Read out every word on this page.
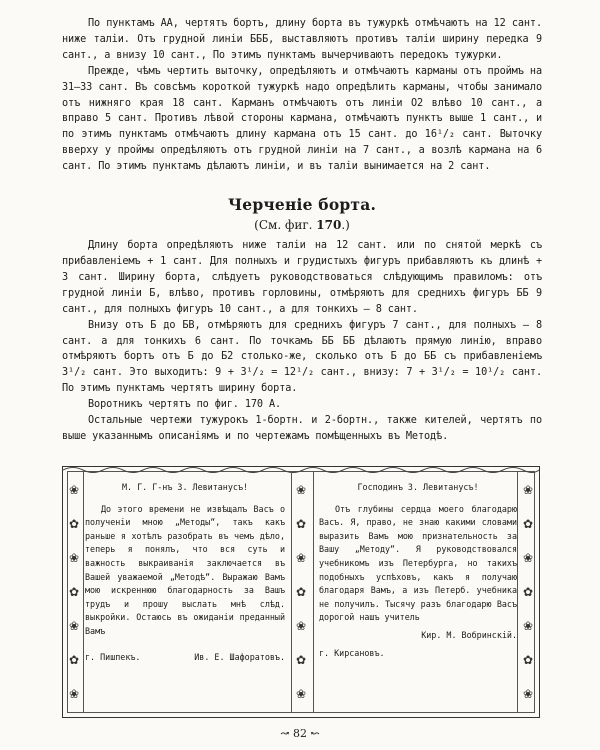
По пунктамъ АА, чертятъ бортъ, длину борта въ тужуркѣ отмѣчаютъ на 12 сант. ниже таліи. Отъ грудной линіи БББ, выставляютъ противъ таліи ширину передка 9 сант., а внизу 10 сант., По этимъ пунктамъ вычерчиваютъ передокъ тужурки.

Прежде, чѣмъ чертить выточку, опредѣляютъ и отмѣчаютъ карманы отъ проймъ на 31—33 сант. Въ совсѣмъ короткой тужуркѣ надо опредѣлить карманы, чтобы занимало отъ нижняго края 18 сант. Карманъ отмѣчаютъ отъ линіи О2 влѣво 10 сант., а вправо 5 сант. Противъ лѣвой стороны кармана, отмѣчаютъ пунктъ выше 1 сант., и по этимъ пунктамъ отмѣчаютъ длину кармана отъ 15 сант. до 16¹/₂ сант. Выточку вверху у проймы опредѣляютъ отъ грудной линіи на 7 сант., а возлѣ кармана на 6 сант. По этимъ пунктамъ дѣлаютъ линіи, и въ таліи вынимается на 2 сант.

Черченіе борта.
(См. фиг. 170.)

Длину борта опредѣляютъ ниже таліи на 12 сант. или по снятой меркѣ съ прибавленіемъ + 1 сант. Для полныхъ и грудистыхъ фигуръ прибавляютъ къ длинѣ + 3 сант. Ширину борта, слѣдуетъ руководствоваться слѣдующимъ правиломъ: отъ грудной линіи Б, влѣво, противъ горловины, отмѣряютъ для среднихъ фигуръ ББ 9 сант., для полныхъ фигуръ 10 сант., а для тонкихъ — 8 сант.

Внизу отъ Б до БВ, отмѣряютъ для среднихъ фигуръ 7 сант., для полныхъ — 8 сант. а для тонкихъ 6 сант. По точкамъ ББ ББ дѣлаютъ прямую линію, вправо отмѣряютъ бортъ отъ Б до Б2 столько-же, сколько отъ Б до ББ съ прибавленіемъ 3¹/₂ сант. Это выходитъ: 9 + 3¹/₂ = 12¹/₂ сант., внизу: 7 + 3¹/₂ = 10¹/₂ сант. По этимъ пунктамъ чертятъ ширину борта.

Воротникъ чертятъ по фиг. 170 А.

Остальные чертежи тужурокъ 1-бортн. и 2-бортн., также кителей, чертятъ по выше указаннымъ описаніямъ и по чертежамъ помѣщенныхъ въ Методѣ.

❀
✿
❀
✿
❀
✿
❀
❀
✿
❀
✿
❀
✿
❀
❀
✿
❀
✿
❀
✿
❀

М. Г. Г-нъ З. Левитанусъ!

До этого времени не извѣщалъ Васъ о полученіи мною „Методы“, такъ какъ раньше я хотѣлъ разобрать въ чемъ дѣло, теперь я понялъ, что вся суть и важность выкраиванія заключается въ Вашей уважаемой „Методѣ“. Выражаю Вамъ мою искреннюю благодарность за Вашъ трудъ и прошу выслать мнѣ слѣд. выкройки. Остаюсь въ ожиданіи преданный Вамъ

г. Пишпекъ.	Ив. Е. Шафоратовъ.

Господинъ З. Левитанусъ!

Отъ глубины сердца моего благодарю Васъ. Я, право, не знаю какими словами выразить Вамъ мою признательность за Вашу „Методу“. Я руководствовался учебникомъ изъ Петербурга, но такихъ подобныхъ успѣховъ, какъ я получаю благодаря Вамъ, а изъ Петерб. учебника не получилъ. Тысячу разъ благодарю Васъ дорогой нашъ учитель

Кир. М. Вобринскій.
г. Кирсановъ.
↝ 82 ↜
